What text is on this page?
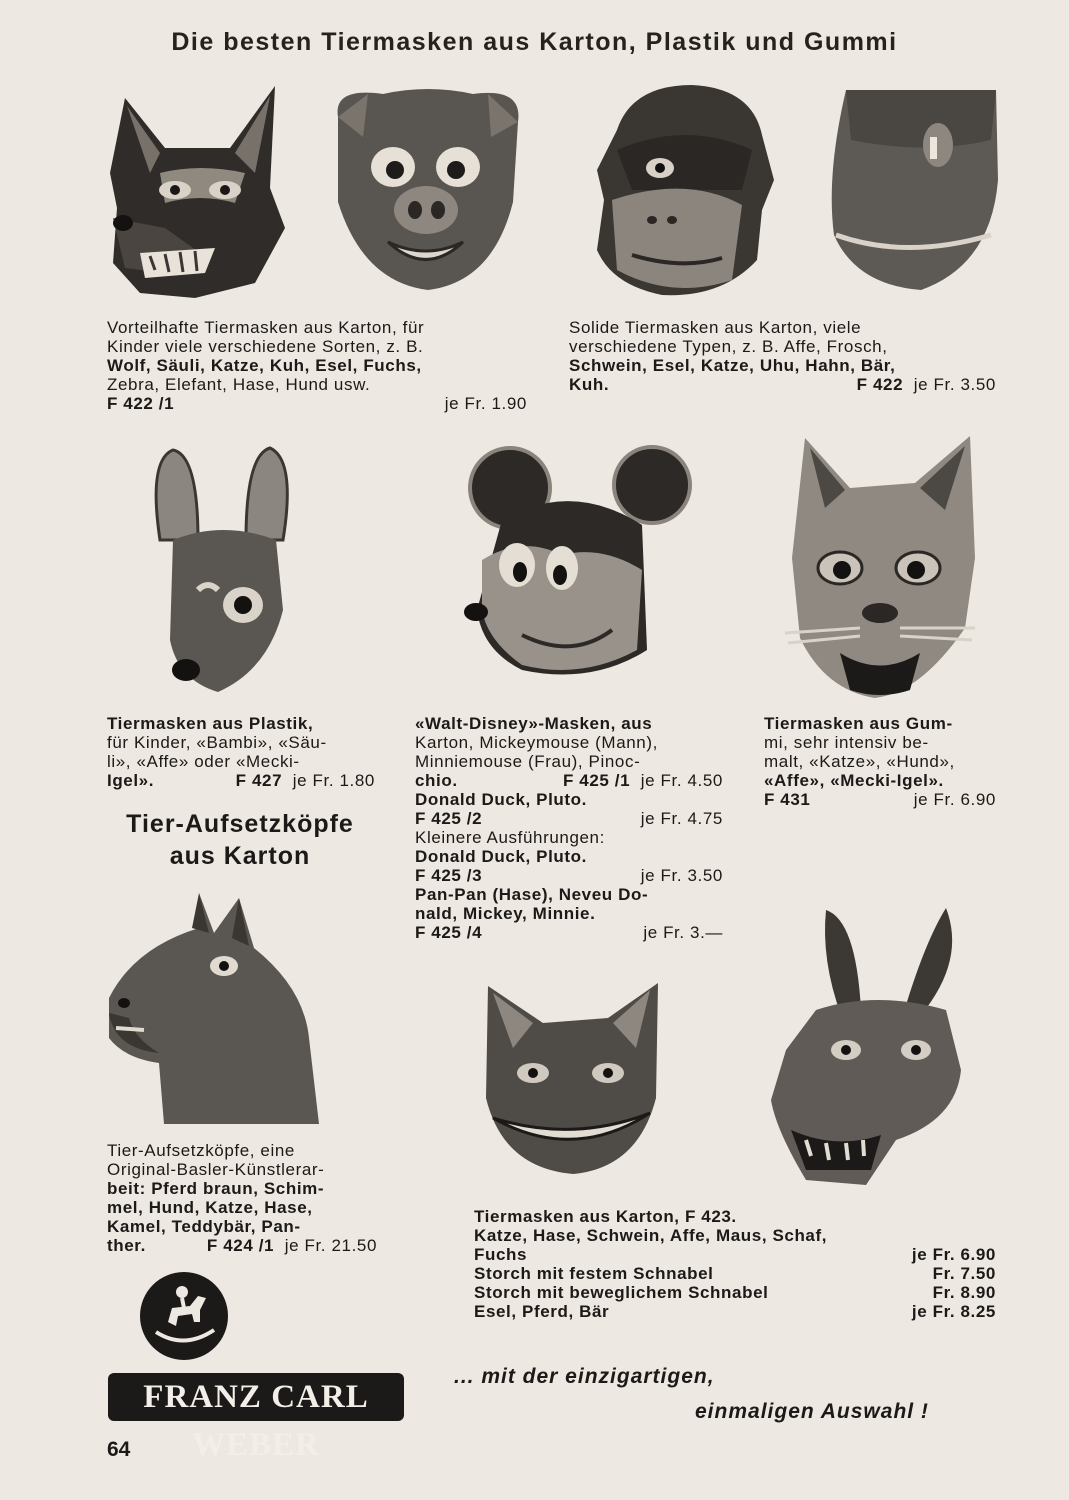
Die besten Tiermasken aus Karton, Plastik und Gummi

Vorteilhafte Tiermasken aus Karton, für

Kinder viele verschiedene Sorten, z. B.

Wolf, Säuli, Katze, Kuh, Esel, Fuchs,

Zebra, Elefant, Hase, Hund usw.

F 422 /1	je Fr. 1.90

Solide Tiermasken aus Karton, viele

verschiedene Typen, z. B. Affe, Frosch,

Schwein, Esel, Katze, Uhu, Hahn, Bär,

Kuh.	F 422 je Fr. 3.50

Tiermasken aus Plastik,

für Kinder, «Bambi», «Säu-

li», «Affe» oder «Mecki-

Igel».	F 427 je Fr. 1.80
Tier-Aufsetzköpfe
aus Karton

«Walt-Disney»-Masken, aus

Karton, Mickeymouse (Mann),

Minniemouse (Frau), Pinoc-

chio.	F 425 /1 je Fr. 4.50

Donald Duck, Pluto.

F 425 /2	je Fr. 4.75

Kleinere Ausführungen:

Donald Duck, Pluto.

F 425 /3	je Fr. 3.50

Pan-Pan (Hase), Neveu Do-

nald, Mickey, Minnie.

F 425 /4	je Fr. 3.—

Tiermasken aus Gum-

mi, sehr intensiv be-

malt, «Katze», «Hund»,

«Affe», «Mecki-Igel».

F 431	je Fr. 6.90

Tier-Aufsetzköpfe, eine

Original-Basler-Künstlerar-

beit: Pferd braun, Schim-

mel, Hund, Katze, Hase,

Kamel, Teddybär, Pan-

ther.	F 424 /1 je Fr. 21.50

Tiermasken aus Karton, F 423.

Katze, Hase, Schwein, Affe, Maus, Schaf,

Fuchs	je Fr. 6.90
Storch mit festem Schnabel	Fr. 7.50
Storch mit beweglichem Schnabel	Fr. 8.90
Esel, Pferd, Bär	je Fr. 8.25
FRANZ CARL WEBER
... mit der einzigartigen,
einmaligen Auswahl !
64
